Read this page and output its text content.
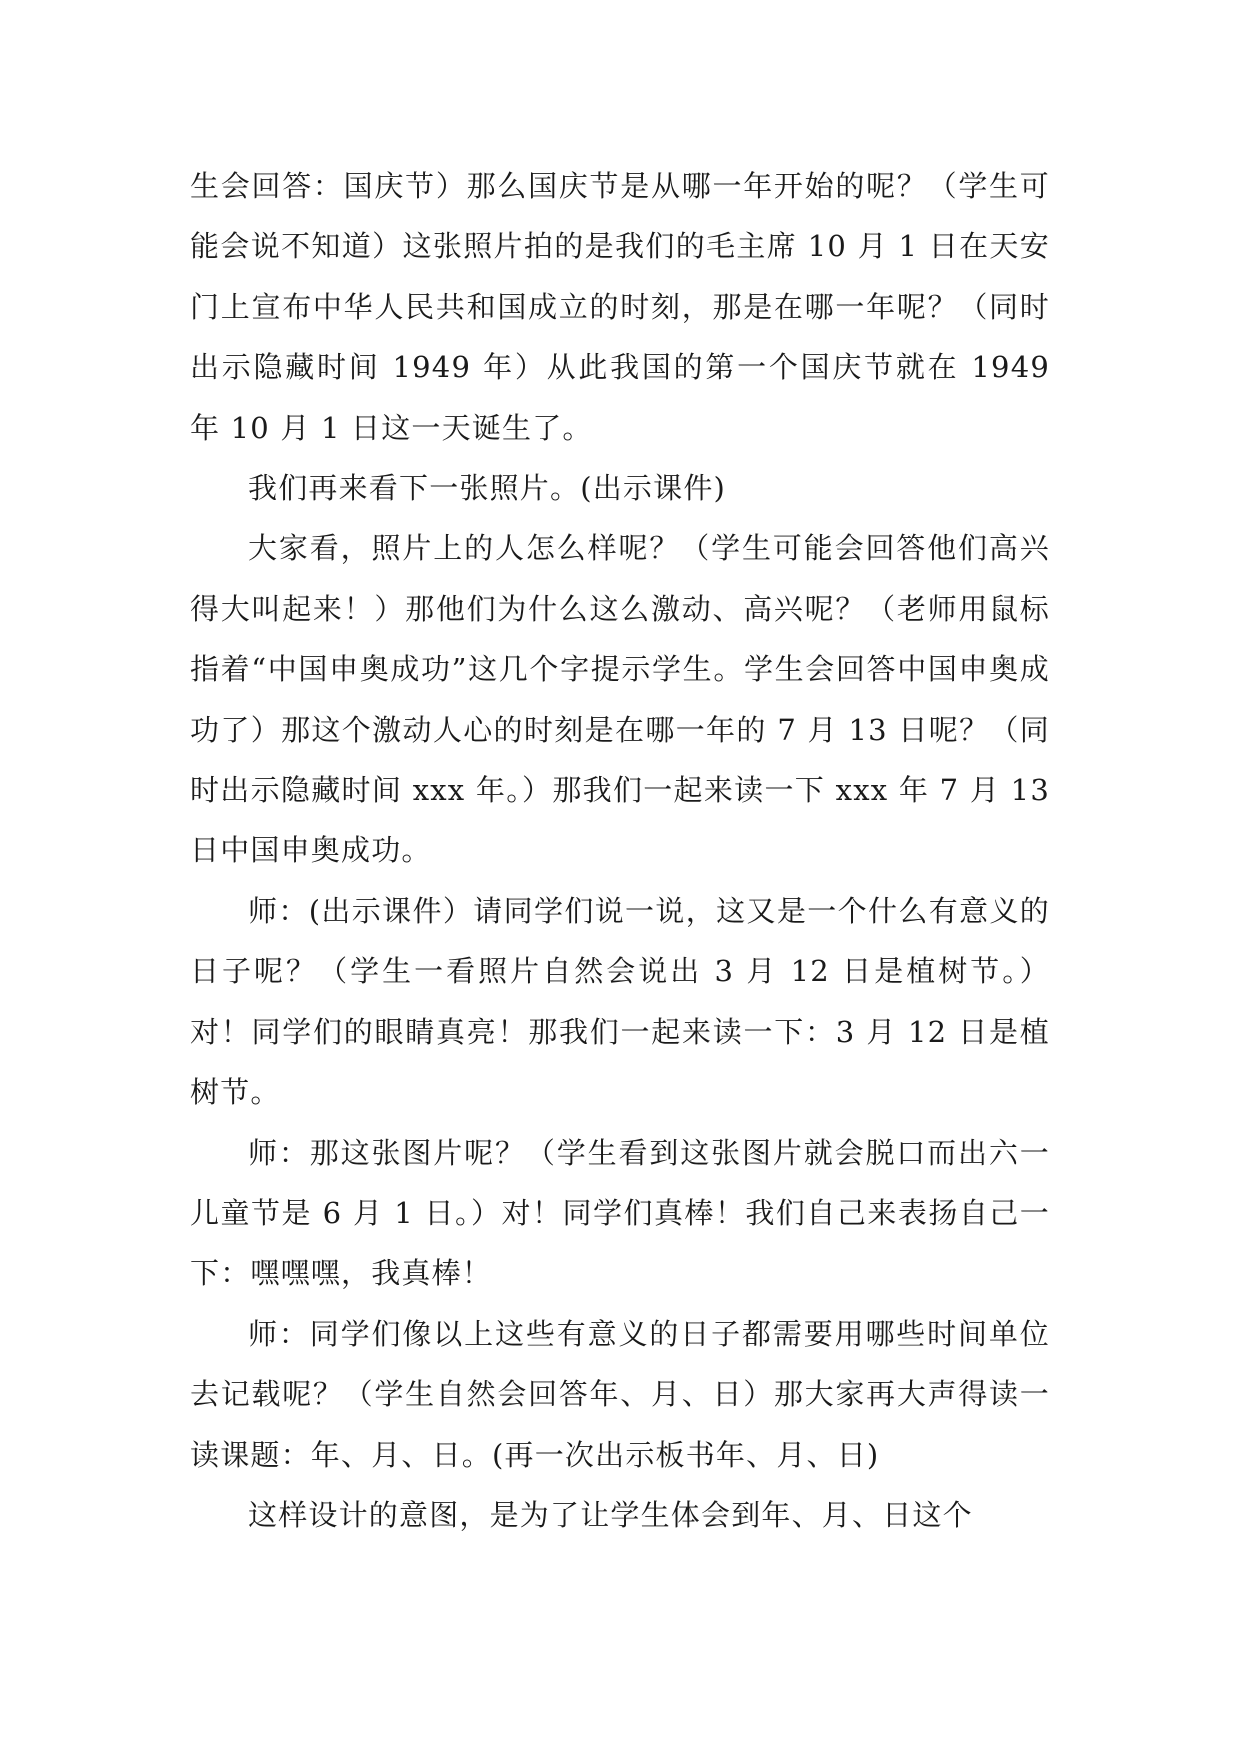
生会回答：国庆节）那么国庆节是从哪一年开始的呢？（学生可能会说不知道）这张照片拍的是我们的毛主席 10 月 1 日在天安门上宣布中华人民共和国成立的时刻，那是在哪一年呢？（同时出示隐藏时间 1949 年）从此我国的第一个国庆节就在 1949 年 10 月 1 日这一天诞生了。

我们再来看下一张照片。(出示课件)

大家看，照片上的人怎么样呢？（学生可能会回答他们高兴得大叫起来！）那他们为什么这么激动、高兴呢？（老师用鼠标指着“中国申奥成功”这几个字提示学生。学生会回答中国申奥成功了）那这个激动人心的时刻是在哪一年的 7 月 13 日呢？（同时出示隐藏时间 xxx 年。）那我们一起来读一下 xxx 年 7 月 13 日中国申奥成功。

师：(出示课件）请同学们说一说，这又是一个什么有意义的日子呢？（学生一看照片自然会说出 3 月 12 日是植树节。）对！同学们的眼睛真亮！那我们一起来读一下：3 月 12 日是植树节。

师：那这张图片呢？（学生看到这张图片就会脱口而出六一儿童节是 6 月 1 日。）对！同学们真棒！我们自己来表扬自己一下：嘿嘿嘿，我真棒！

师：同学们像以上这些有意义的日子都需要用哪些时间单位去记载呢？（学生自然会回答年、月、日）那大家再大声得读一读课题：年、月、日。(再一次出示板书年、月、日)

这样设计的意图，是为了让学生体会到年、月、日这个
